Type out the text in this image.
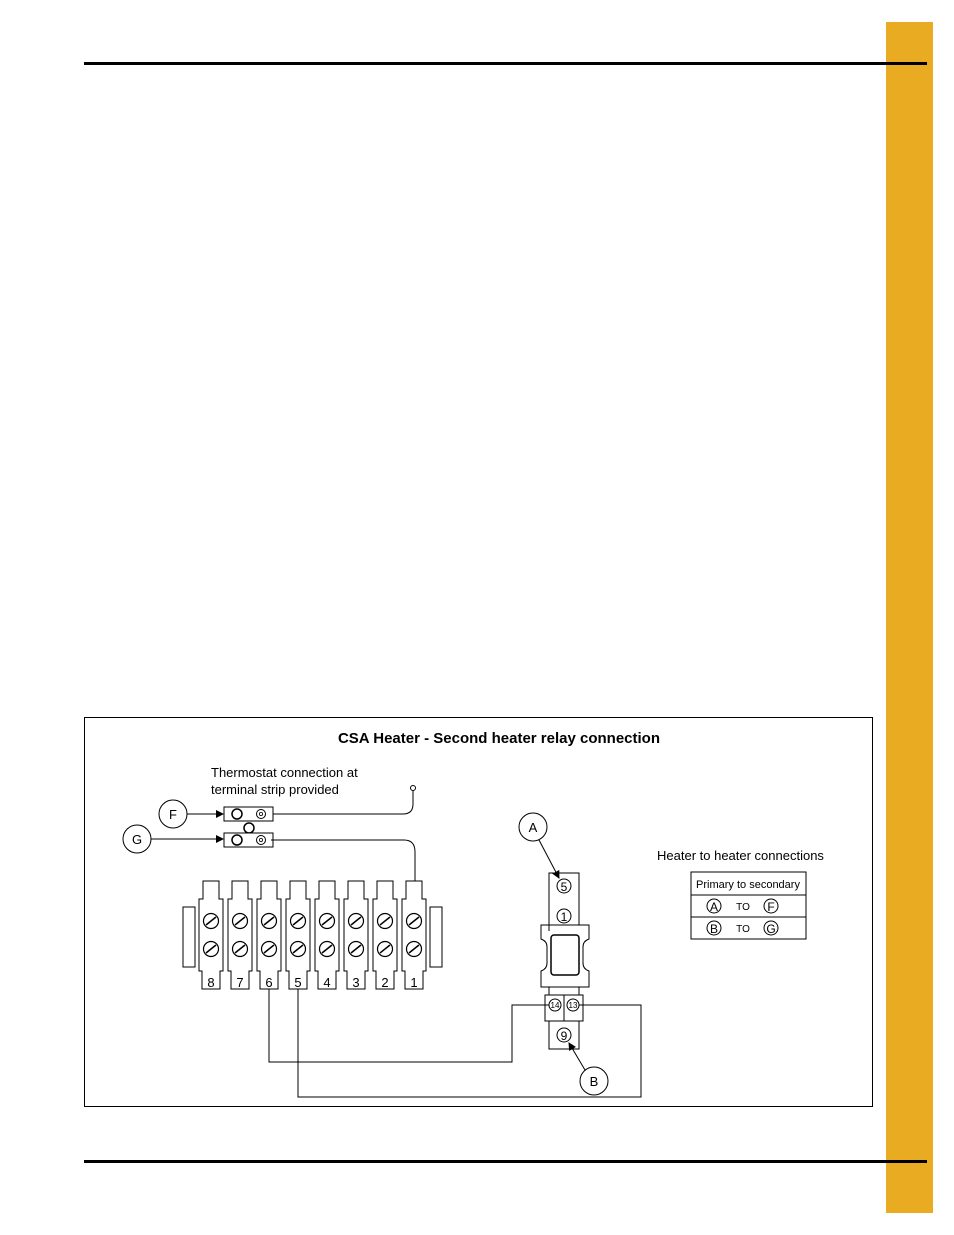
CSA Heater - Second heater relay connection
Thermostat connection at
terminal strip provided
F
G
8 7 6 5 4 3 2 1
5
1
14 13
9
A
B
Heater to heater connections
Primary to secondary
A TO F
B TO G
